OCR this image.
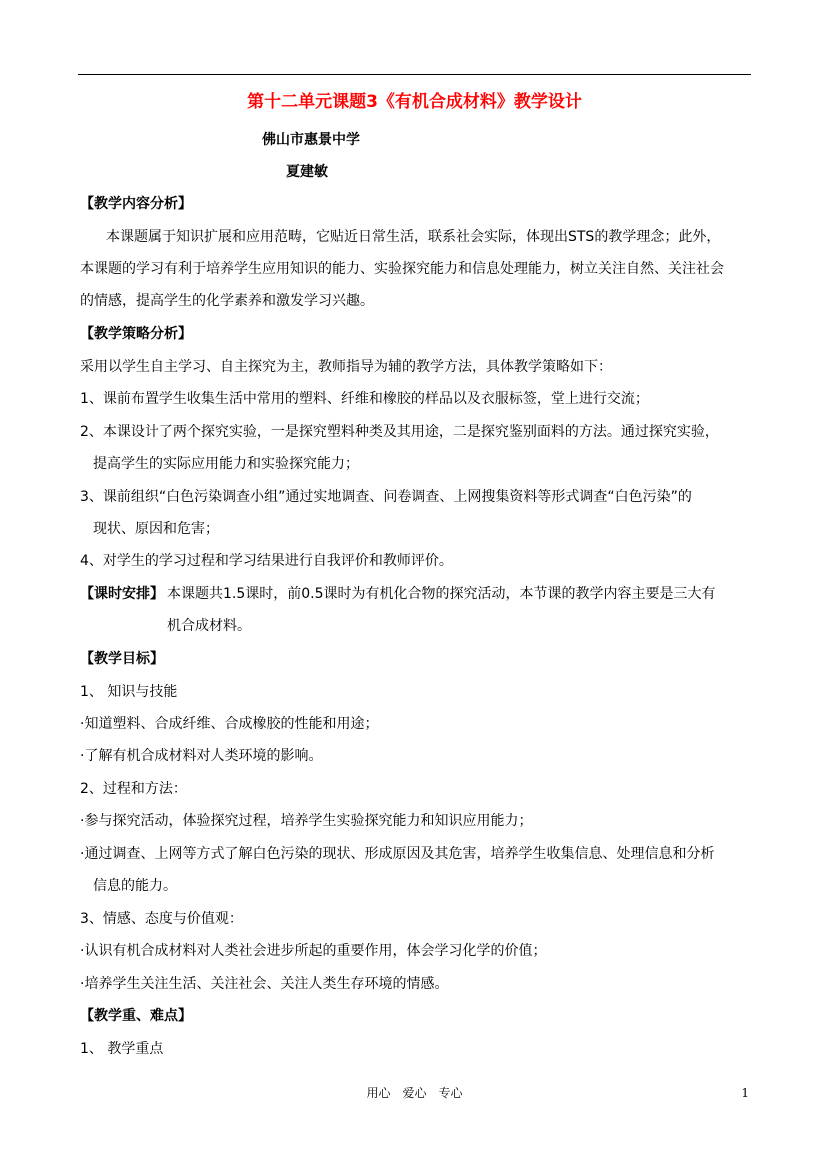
第十二单元课题3《有机合成材料》教学设计
佛山市惠景中学
夏建敏
【教学内容分析】
本课题属于知识扩展和应用范畴，它贴近日常生活，联系社会实际，体现出STS的教学理念；此外，
本课题的学习有利于培养学生应用知识的能力、实验探究能力和信息处理能力，树立关注自然、关注社会
的情感，提高学生的化学素养和激发学习兴趣。
【教学策略分析】
采用以学生自主学习、自主探究为主，教师指导为辅的教学方法，具体教学策略如下：
1、课前布置学生收集生活中常用的塑料、纤维和橡胶的样品以及衣服标签，堂上进行交流；
2、本课设计了两个探究实验，一是探究塑料种类及其用途，二是探究鉴别面料的方法。通过探究实验，
提高学生的实际应用能力和实验探究能力；
3、课前组织“白色污染调查小组”通过实地调查、问卷调查、上网搜集资料等形式调查“白色污染”的
现状、原因和危害；
4、对学生的学习过程和学习结果进行自我评价和教师评价。
【课时安排】 本课题共1.5课时，前0.5课时为有机化合物的探究活动，本节课的教学内容主要是三大有
机合成材料。
【教学目标】
1、 知识与技能
·知道塑料、合成纤维、合成橡胶的性能和用途；
·了解有机合成材料对人类环境的影响。
2、过程和方法：
·参与探究活动，体验探究过程，培养学生实验探究能力和知识应用能力；
·通过调查、上网等方式了解白色污染的现状、形成原因及其危害，培养学生收集信息、处理信息和分析
信息的能力。
3、情感、态度与价值观：
·认识有机合成材料对人类社会进步所起的重要作用，体会学习化学的价值；
·培养学生关注生活、关注社会、关注人类生存环境的情感。
【教学重、难点】
1、 教学重点
用心　爱心　专心	1
